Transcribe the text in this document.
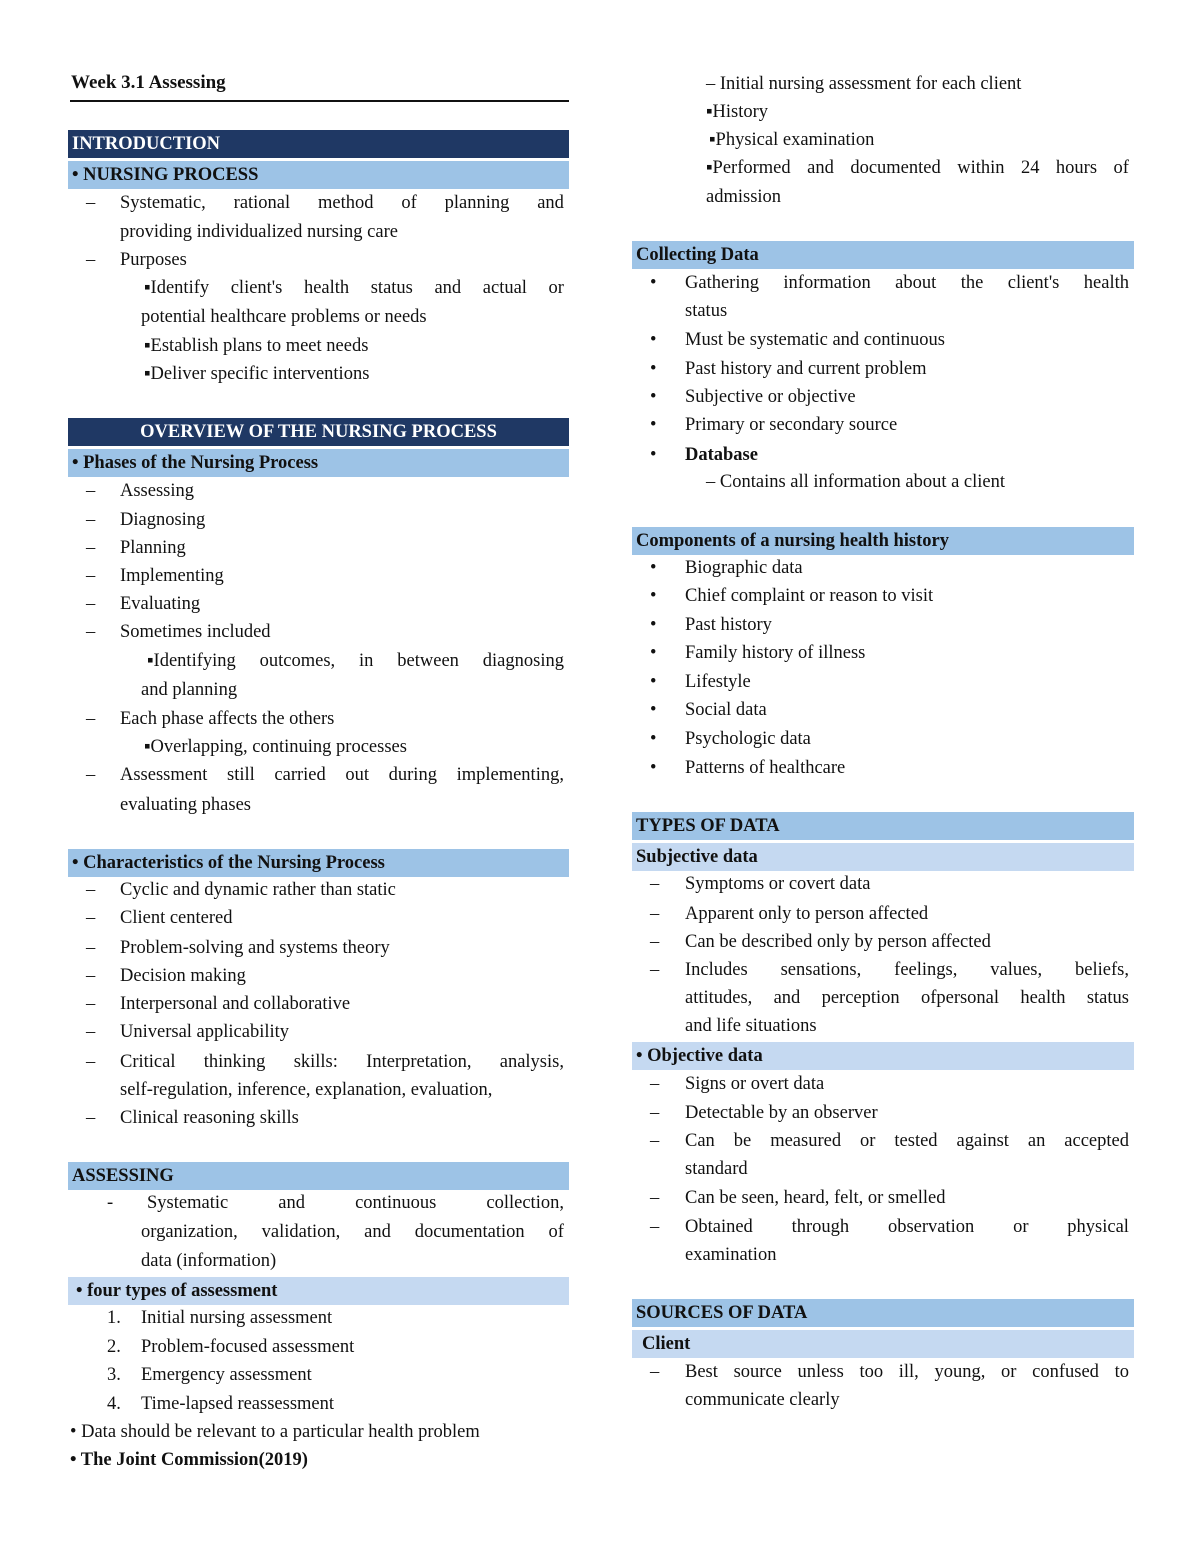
Week 3.1 Assessing
INTRODUCTION
• NURSING PROCESS
– Systematic, rational method of planning and
providing individualized nursing care
– Purposes
▪Identify client's health status and actual or
potential healthcare problems or needs
▪Establish plans to meet needs
▪Deliver specific interventions
OVERVIEW OF THE NURSING PROCESS
• Phases of the Nursing Process
– Assessing
– Diagnosing
– Planning
– Implementing
– Evaluating
– Sometimes included
▪Identifying outcomes, in between diagnosing
and planning
– Each phase affects the others
▪Overlapping, continuing processes
– Assessment still carried out during implementing,
evaluating phases
• Characteristics of the Nursing Process
– Cyclic and dynamic rather than static
– Client centered
– Problem-solving and systems theory
– Decision making
– Interpersonal and collaborative
– Universal applicability
– Critical thinking skills: Interpretation, analysis,
self-regulation, inference, explanation, evaluation,
– Clinical reasoning skills
ASSESSING
- Systematic	and	continuous	collection,
organization, validation, and documentation of
data (information)
• four types of assessment
1. Initial nursing assessment
2. Problem-focused assessment
3. Emergency assessment
4. Time-lapsed reassessment
• Data should be relevant to a particular health problem
• The Joint Commission(2019)
– Initial nursing assessment for each client
▪History
▪Physical examination
▪Performed and documented within 24 hours of
admission
Collecting Data
• Gathering information about the client's health
status
• Must be systematic and continuous
• Past history and current problem
• Subjective or objective
• Primary or secondary source
• Database
– Contains all information about a client
Components of a nursing health history
• Biographic data
• Chief complaint or reason to visit
• Past history
• Family history of illness
• Lifestyle
• Social data
• Psychologic data
• Patterns of healthcare
TYPES OF DATA
Subjective data
– Symptoms or covert data
– Apparent only to person affected
– Can be described only by person affected
– Includes sensations, feelings, values, beliefs,
attitudes, and perception ofpersonal health status
and life situations
• Objective data
– Signs or overt data
– Detectable by an observer
– Can be measured or tested against an accepted
standard
– Can be seen, heard, felt, or smelled
– Obtained through observation or physical
examination
SOURCES OF DATA
Client
– Best source unless too ill, young, or confused to
communicate clearly
